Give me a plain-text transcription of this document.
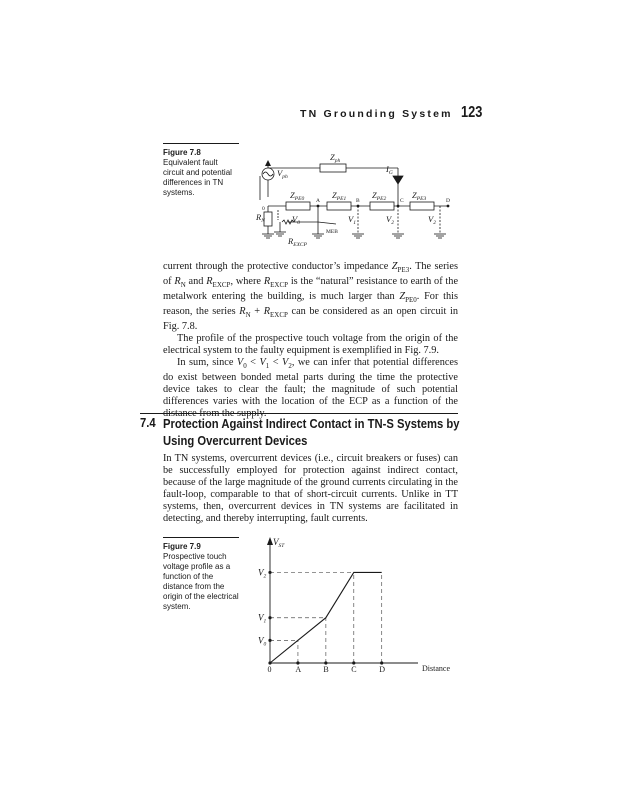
TN Grounding System 123
Figure 7.8
Equivalent fault circuit and potential differences in TN systems.
$Z_{ph}$
$V_{ph}$
$I_G$
$Z_{PE0}$	$Z_{PE1}$	$Z_{PE2}$	$Z_{PE3}$
$R_N$	$V_0$	$V_1$	$V_2$	$V_2$
$R_{EXCP}$
0
A	B	C	D
MEB

current through the protective conductor’s impedance $Z_{PE3}$. The series of $R_N$ and $R_{EXCP}$, where $R_{EXCP}$ is the “natural” resistance to earth of the metalwork entering the building, is much larger than $Z_{PE0}$. For this reason, the series $R_N + R_{EXCP}$ can be considered as an open circuit in Fig. 7.8.

The profile of the prospective touch voltage from the origin of the electrical system to the faulty equipment is exemplified in Fig. 7.9.

In sum, since $V_0 < V_1 < V_2$, we can infer that potential differences do exist between bonded metal parts during the time the protective device takes to clear the fault; the magnitude of such potential differences varies with the location of the ECP as a function of the

7.4 Protection Against Indirect Contact in TN-S Systems by Using Overcurrent Devices

In TN systems, overcurrent devices (i.e., circuit breakers or fuses) can be successfully employed for protection against indirect contact, because of the large magnitude of the ground currents circulating in the fault-loop, comparable to that of short-circuit currents. Unlike in TT systems, then, overcurrent devices in TN systems are facilitated in detecting, and thereby interrupting, fault currents.

Figure 7.9
Prospective touch voltage profile as a function of the distance from the origin of the electrical system.
$V_{ST}$
Distance
0	A	B	C	D
$V_0$
$V_1$
$V_2$
